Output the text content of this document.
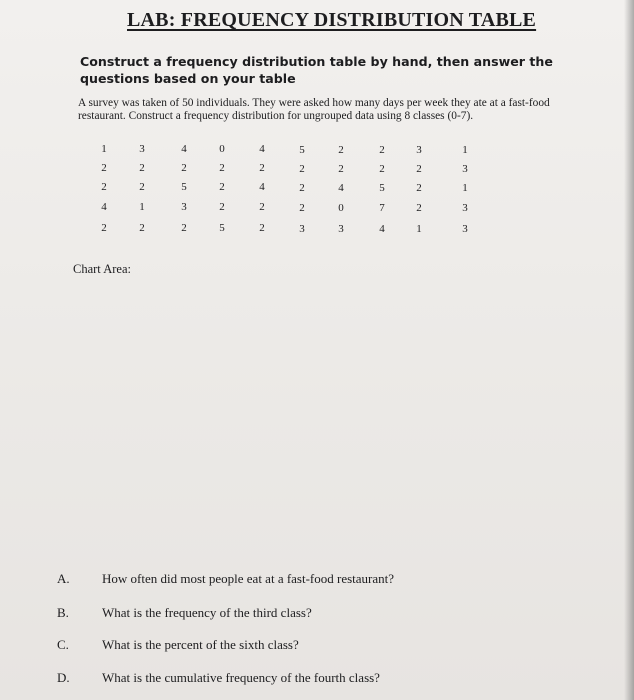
LAB: FREQUENCY DISTRIBUTION TABLE
Construct a frequency distribution table by hand, then answer the questions based on your table
A survey was taken of 50 individuals. They were asked how many days per week they ate at a fast-food restaurant. Construct a frequency distribution for ungrouped data using 8 classes (0-7).
1	3	4	0	4	5	2	2	3	1
2	2	2	2	2	2	2	2	2	3
2	2	5	2	4	2	4	5	2	1
4	1	3	2	2	2	0	7	2	3
2	2	2	5	2	3	3	4	1	3
Chart Area:
A. How often did most people eat at a fast-food restaurant?
B.	What is the frequency of the third class?
C.	What is the percent of the sixth class?
D. What is the cumulative frequency of the fourth class?
